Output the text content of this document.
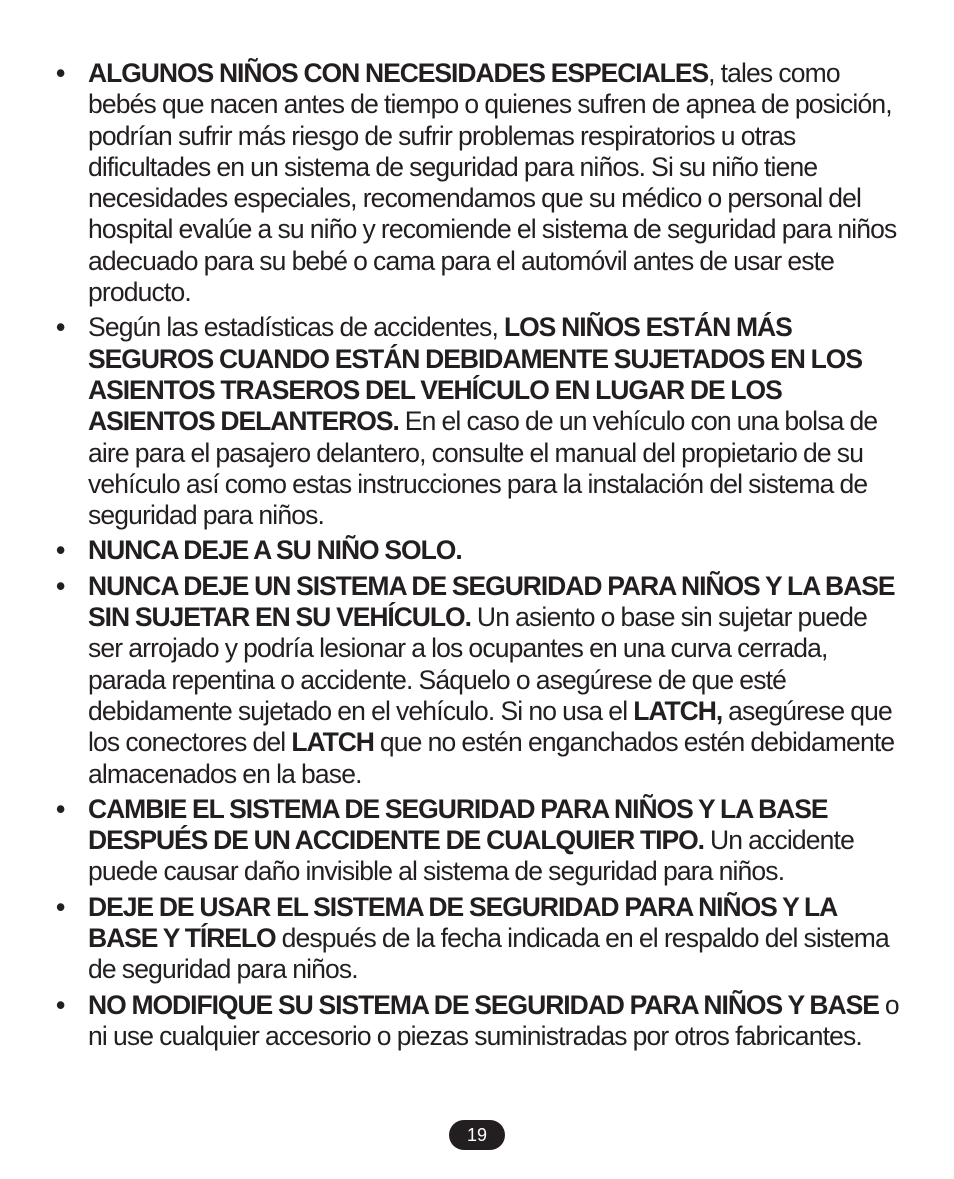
• ALGUNOS NIÑOS CON NECESIDADES ESPECIALES, tales como bebés que nacen antes de tiempo o quienes sufren de apnea de posición, podrían sufrir más riesgo de sufrir problemas respiratorios u otras dificultades en un sistema de seguridad para niños. Si su niño tiene necesidades especiales, recomendamos que su médico o personal del hospital evalúe a su niño y recomiende el sistema de seguridad para niños adecuado para su bebé o cama para el automóvil antes de usar este producto.
• Según las estadísticas de accidentes, LOS NIÑOS ESTÁN MÁS SEGUROS CUANDO ESTÁN DEBIDAMENTE SUJETADOS EN LOS ASIENTOS TRASEROS DEL VEHÍCULO EN LUGAR DE LOS ASIENTOS DELANTEROS. En el caso de un vehículo con una bolsa de aire para el pasajero delantero, consulte el manual del propietario de su vehículo así como estas instrucciones para la instalación del sistema de seguridad para niños.
• NUNCA DEJE A SU NIÑO SOLO.
• NUNCA DEJE UN SISTEMA DE SEGURIDAD PARA NIÑOS Y LA BASE SIN SUJETAR EN SU VEHÍCULO. Un asiento o base sin sujetar puede ser arrojado y podría lesionar a los ocupantes en una curva cerrada, parada repentina o accidente. Sáquelo o asegúrese de que esté debidamente sujetado en el vehículo. Si no usa el LATCH, asegúrese que los conectores del LATCH que no estén enganchados estén debidamente almacenados en la base.
• CAMBIE EL SISTEMA DE SEGURIDAD PARA NIÑOS Y LA BASE DESPUÉS DE UN ACCIDENTE DE CUALQUIER TIPO. Un accidente puede causar daño invisible al sistema de seguridad para niños.
• DEJE DE USAR EL SISTEMA DE SEGURIDAD PARA NIÑOS Y LA BASE Y TÍRELO después de la fecha indicada en el respaldo del sistema de seguridad para niños.
• NO MODIFIQUE SU SISTEMA DE SEGURIDAD PARA NIÑOS Y BASE o ni use cualquier accesorio o piezas suministradas por otros fabricantes.
19
